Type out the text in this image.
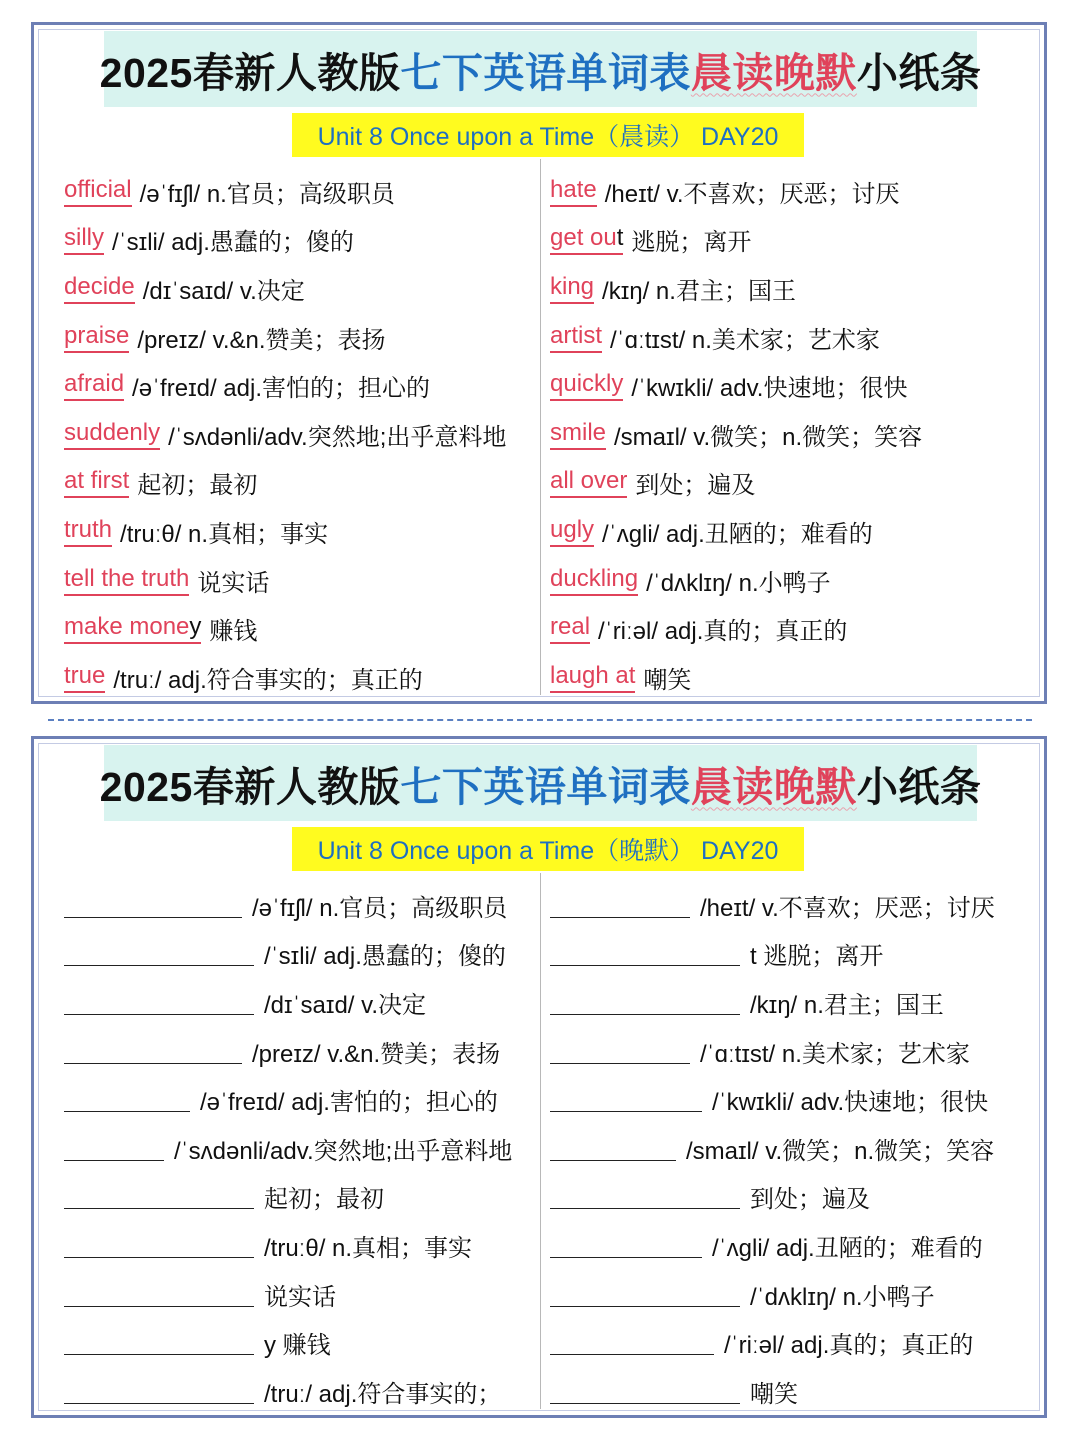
2025春新人教版 七下英语单词表 晨读晚默 小纸条
Unit 8 Once upon a Time（晨读） DAY20
official /əˈfɪʃl/ n.官员；高级职员
silly /ˈsɪli/ adj.愚蠢的；傻的
decide /dɪˈsaɪd/ v.决定
praise /preɪz/ v.&n.赞美；表扬
afraid /əˈfreɪd/ adj.害怕的；担心的
suddenly /ˈsʌdənli/adv.突然地;出乎意料地
at first 起初；最初
truth /truːθ/ n.真相；事实
tell the truth 说实话
make money 赚钱
true /truː/ adj.符合事实的；真正的
hate /heɪt/ v.不喜欢；厌恶；讨厌
get out 逃脱；离开
king /kɪŋ/ n.君主；国王
artist /ˈɑːtɪst/ n.美术家；艺术家
quickly /ˈkwɪkli/ adv.快速地；很快
smile /smaɪl/ v.微笑；n.微笑；笑容
all over 到处；遍及
ugly /ˈʌgli/ adj.丑陋的；难看的
duckling /ˈdʌklɪŋ/ n.小鸭子
real /ˈriːəl/ adj.真的；真正的
laugh at 嘲笑
2025春新人教版 七下英语单词表 晨读晚默 小纸条
Unit 8 Once upon a Time（晚默） DAY20
/əˈfɪʃl/ n.官员；高级职员
/ˈsɪli/ adj.愚蠢的；傻的
/dɪˈsaɪd/ v.决定
/preɪz/ v.&n.赞美；表扬
/əˈfreɪd/ adj.害怕的；担心的
/ˈsʌdənli/adv.突然地;出乎意料地
起初；最初
/truːθ/ n.真相；事实
说实话
y 赚钱
/truː/ adj.符合事实的；
/heɪt/ v.不喜欢；厌恶；讨厌
t 逃脱；离开
/kɪŋ/ n.君主；国王
/ˈɑːtɪst/ n.美术家；艺术家
/ˈkwɪkli/ adv.快速地；很快
/smaɪl/ v.微笑；n.微笑；笑容
到处；遍及
/ˈʌgli/ adj.丑陋的；难看的
/ˈdʌklɪŋ/ n.小鸭子
/ˈriːəl/ adj.真的；真正的
嘲笑
